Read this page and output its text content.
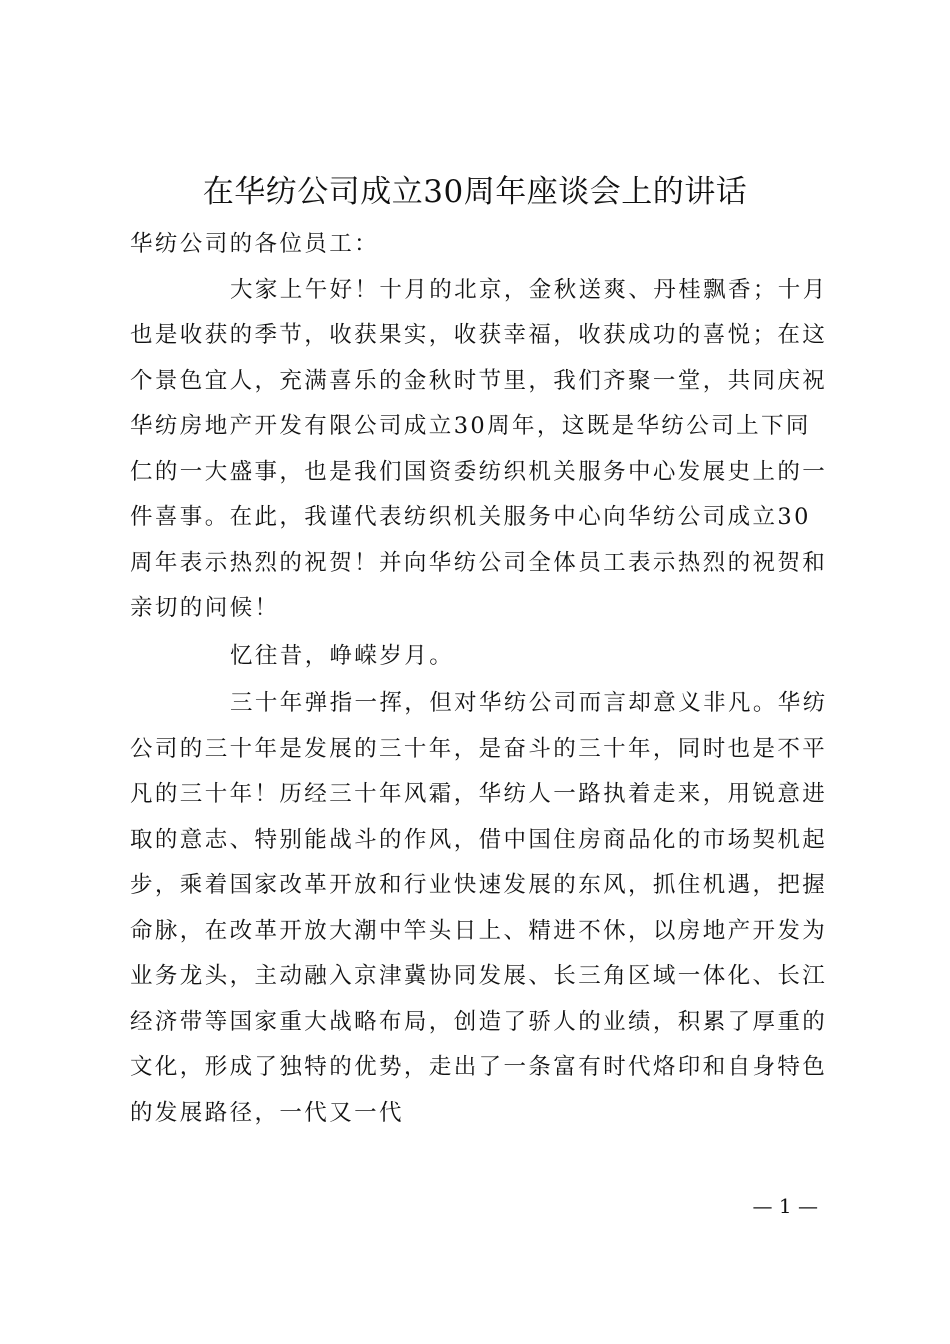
在华纺公司成立30周年座谈会上的讲话

华纺公司的各位员工：

大家上午好！十月的北京，金秋送爽、丹桂飘香；十月也是收获的季节，收获果实，收获幸福，收获成功的喜悦；在这个景色宜人，充满喜乐的金秋时节里，我们齐聚一堂，共同庆祝华纺房地产开发有限公司成立30周年，这既是华纺公司上下同仁的一大盛事，也是我们国资委纺织机关服务中心发展史上的一件喜事。在此，我谨代表纺织机关服务中心向华纺公司成立30周年表示热烈的祝贺！并向华纺公司全体员工表示热烈的祝贺和亲切的问候！

忆往昔，峥嵘岁月。

三十年弹指一挥，但对华纺公司而言却意义非凡。华纺公司的三十年是发展的三十年，是奋斗的三十年，同时也是不平凡的三十年！历经三十年风霜，华纺人一路执着走来，用锐意进取的意志、特别能战斗的作风，借中国住房商品化的市场契机起步，乘着国家改革开放和行业快速发展的东风，抓住机遇，把握命脉，在改革开放大潮中竿头日上、精进不休，以房地产开发为业务龙头，主动融入京津冀协同发展、长三角区域一体化、长江经济带等国家重大战略布局，创造了骄人的业绩，积累了厚重的文化，形成了独特的优势，走出了一条富有时代烙印和自身特色的发展路径，一代又一代

— 1 —
